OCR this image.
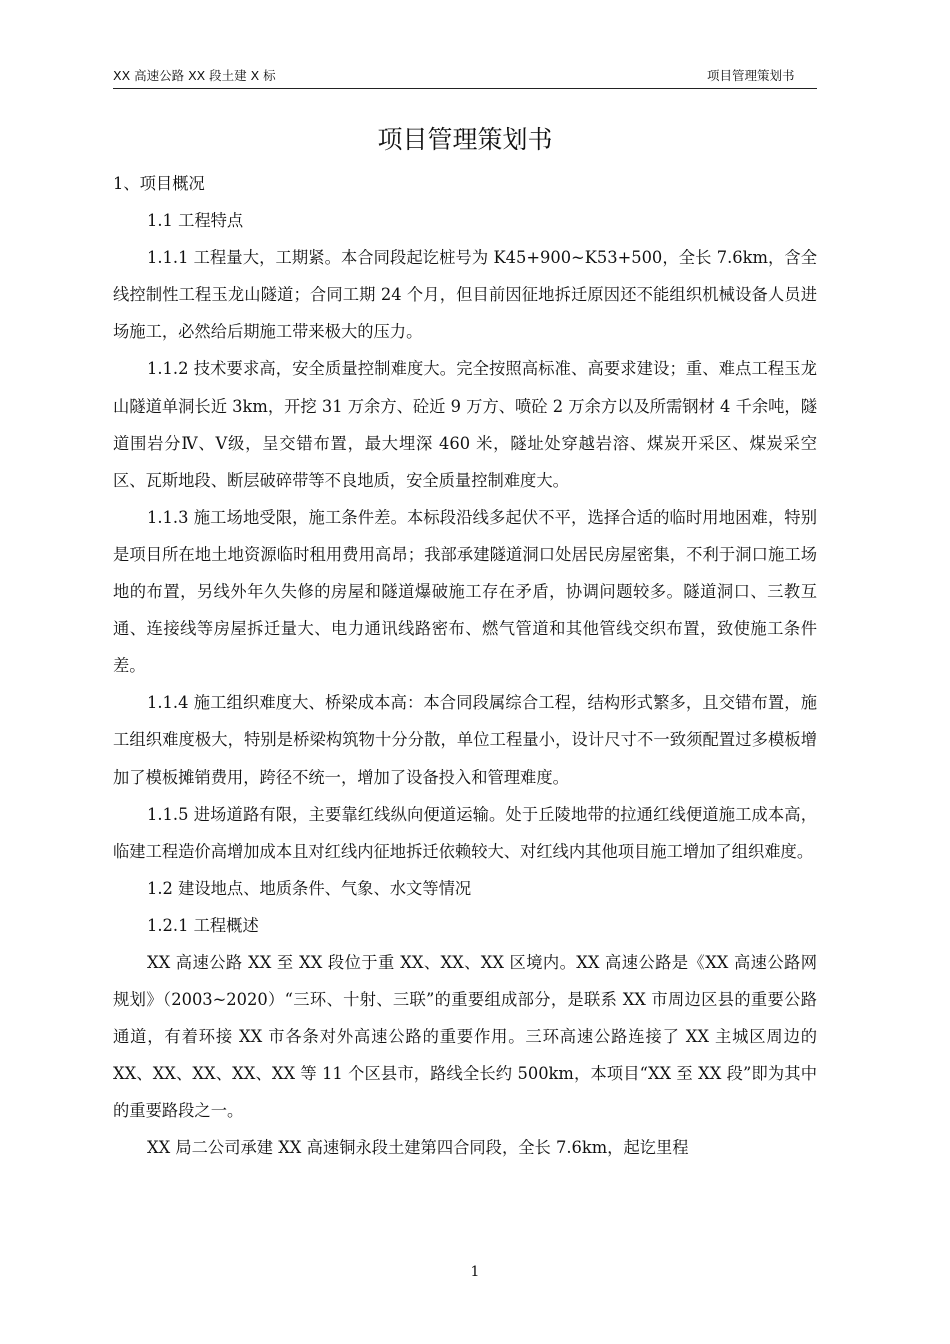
XX 高速公路 XX 段土建 X 标	项目管理策划书
项目管理策划书

1、项目概况

1.1 工程特点

1.1.1 工程量大，工期紧。本合同段起讫桩号为 K45+900~K53+500，全长 7.6km，含全线控制性工程玉龙山隧道；合同工期 24 个月，但目前因征地拆迁原因还不能组织机械设备人员进场施工，必然给后期施工带来极大的压力。

1.1.2 技术要求高，安全质量控制难度大。完全按照高标准、高要求建设；重、难点工程玉龙山隧道单洞长近 3km，开挖 31 万余方、砼近 9 万方、喷砼 2 万余方以及所需钢材 4 千余吨，隧道围岩分Ⅳ、Ⅴ级，呈交错布置，最大埋深 460 米，隧址处穿越岩溶、煤炭开采区、煤炭采空区、瓦斯地段、断层破碎带等不良地质，安全质量控制难度大。

1.1.3 施工场地受限，施工条件差。本标段沿线多起伏不平，选择合适的临时用地困难，特别是项目所在地土地资源临时租用费用高昂；我部承建隧道洞口处居民房屋密集，不利于洞口施工场地的布置，另线外年久失修的房屋和隧道爆破施工存在矛盾，协调问题较多。隧道洞口、三教互通、连接线等房屋拆迁量大、电力通讯线路密布、燃气管道和其他管线交织布置，致使施工条件差。

1.1.4 施工组织难度大、桥梁成本高：本合同段属综合工程，结构形式繁多，且交错布置，施工组织难度极大，特别是桥梁构筑物十分分散，单位工程量小，设计尺寸不一致须配置过多模板增加了模板摊销费用，跨径不统一，增加了设备投入和管理难度。

1.1.5 进场道路有限，主要靠红线纵向便道运输。处于丘陵地带的拉通红线便道施工成本高，临建工程造价高增加成本且对红线内征地拆迁依赖较大、对红线内其他项目施工增加了组织难度。

1.2 建设地点、地质条件、气象、水文等情况

1.2.1 工程概述

XX 高速公路 XX 至 XX 段位于重 XX、XX、XX 区境内。XX 高速公路是《XX 高速公路网规划》（2003~2020）“三环、十射、三联”的重要组成部分，是联系 XX 市周边区县的重要公路通道，有着环接 XX 市各条对外高速公路的重要作用。三环高速公路连接了 XX 主城区周边的 XX、XX、XX、XX、XX 等 11 个区县市，路线全长约 500km，本项目“XX 至 XX 段”即为其中的重要路段之一。

XX 局二公司承建 XX 高速铜永段土建第四合同段，全长 7.6km，起讫里程

1
